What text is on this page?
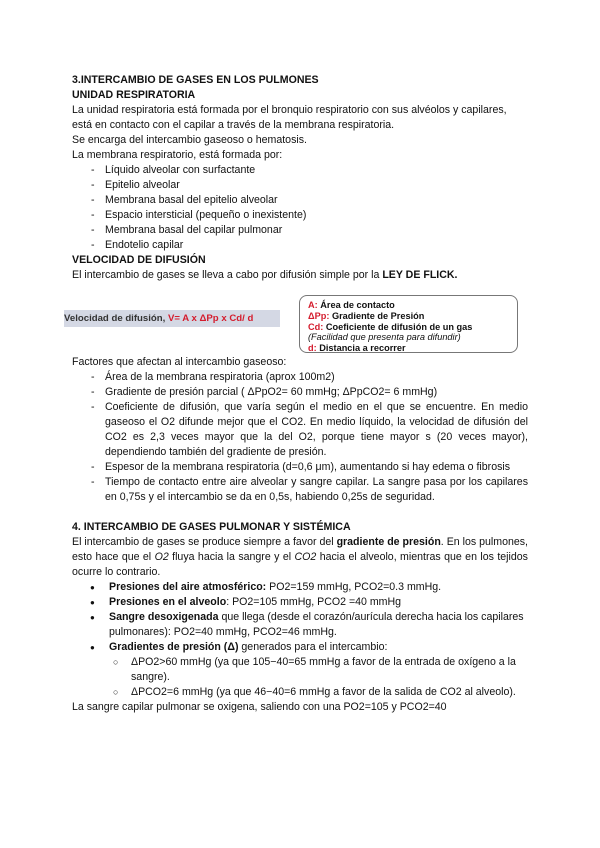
3.INTERCAMBIO DE GASES EN LOS PULMONES

UNIDAD RESPIRATORIA

La unidad respiratoria está formada por el bronquio respiratorio con sus alvéolos y capilares, está en contacto con el capilar a través de la membrana respiratoria.

Se encarga del intercambio gaseoso o hematosis.

La membrana respiratorio, está formada por:

- Líquido alveolar con surfactante
- Epitelio alveolar
- Membrana basal del epitelio alveolar
- Espacio intersticial (pequeño o inexistente)
- Membrana basal del capilar pulmonar
- Endotelio capilar

VELOCIDAD DE DIFUSIÓN

El intercambio de gases se lleva a cabo por difusión simple por la LEY DE FLICK.

Velocidad de difusión, V= A x ΔPp x Cd/ d
A: Área de contacto
ΔPp: Gradiente de Presión
Cd: Coeficiente de difusión de un gas
(Facilidad que presenta para difundir)
d: Distancia a recorrer

Factores que afectan al intercambio gaseoso:

- Área de la membrana respiratoria (aprox 100m2)
- Gradiente de presión parcial ( ΔPpO2= 60 mmHg; ΔPpCO2= 6 mmHg)
- Coeficiente de difusión, que varía según el medio en el que se encuentre. En medio gaseoso el O2 difunde mejor que el CO2. En medio líquido, la velocidad de difusión del CO2 es 2,3 veces mayor que la del O2, porque tiene mayor s (20 veces mayor), dependiendo también del gradiente de presión.
- Espesor de la membrana respiratoria (d=0,6 μm), aumentando si hay edema o fibrosis
- Tiempo de contacto entre aire alveolar y sangre capilar. La sangre pasa por los capilares en 0,75s y el intercambio se da en 0,5s, habiendo 0,25s de seguridad.

4. INTERCAMBIO DE GASES PULMONAR Y SISTÉMICA

El intercambio de gases se produce siempre a favor del gradiente de presión. En los pulmones, esto hace que el O2 fluya hacia la sangre y el CO2 hacia el alveolo, mientras que en los tejidos ocurre lo contrario.

● Presiones del aire atmosférico: PO2=159 mmHg, PCO2=0.3 mmHg.
● Presiones en el alveolo: PO2=105 mmHg, PCO2 =40 mmHg
● Sangre desoxigenada que llega (desde el corazón/aurícula derecha hacia los capilares pulmonares): PO2=40 mmHg, PCO2=46 mmHg.
● Gradientes de presión (Δ) generados para el intercambio:
○ ΔPO2>60 mmHg (ya que 105−40=65 mmHg a favor de la entrada de oxígeno a la sangre).
○ ΔPCO2=6 mmHg (ya que 46−40=6 mmHg a favor de la salida de CO2 al alveolo).

La sangre capilar pulmonar se oxigena, saliendo con una PO2=105 y PCO2=40
